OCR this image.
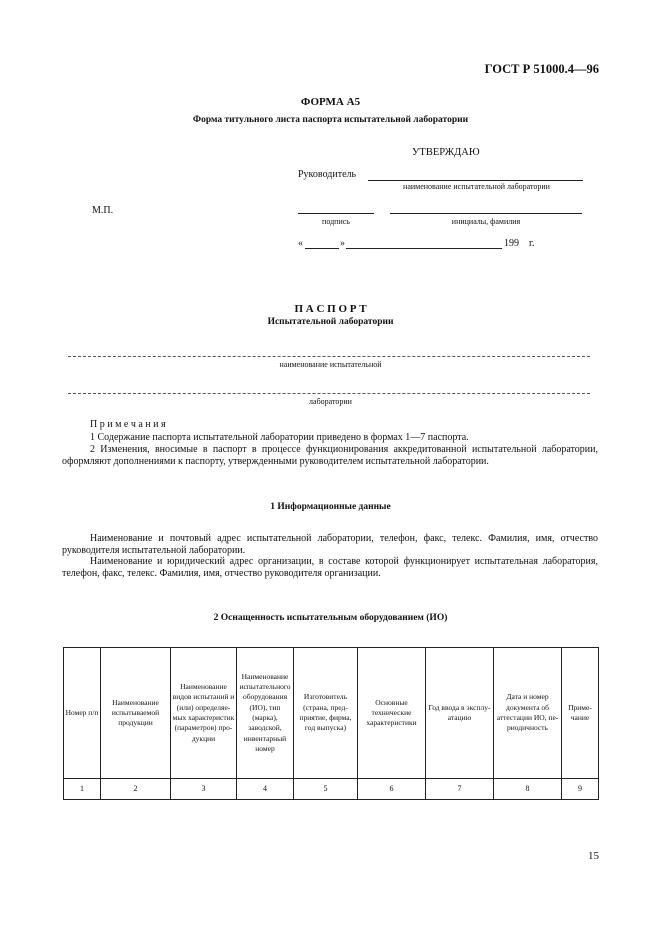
ГОСТ Р 51000.4—96
ФОРМА А5
Форма титульного листа паспорта испытательной лаборатории
УТВЕРЖДАЮ
Руководитель
наименование испытательной лаборатории
М.П.
подпись	инициалы, фамилия
«	»	199 г.
П А С П О Р Т
Испытательной лаборатории
наименование испытательной
лаборатории
П р и м е ч а н и я
1 Содержание паспорта испытательной лаборатории приведено в формах 1—7 паспорта.
2 Изменения, вносимые в паспорт в процессе функционирования аккредитованной испытательной лаборатории, оформляют дополнениями к паспорту, утвержденными руководителем испытательной лаборатории.
1 Информационные данные
Наименование и почтовый адрес испытательной лаборатории, телефон, факс, телекс. Фамилия, имя, отчество руководителя испытательной лаборатории.
Наименование и юридический адрес организации, в составе которой функционирует испытательная лаборатория, телефон, факс, телекс. Фамилия, имя, отчество руководителя организации.
2 Оснащенность испытательным оборудованием (ИО)
Номер п/п	Наименование испытываемой продукции	Наименование видов испытаний и (или) определяемых характеристик (параметров) продукции	Наименование испытательного оборудования (ИО), тип (марка), заводской, инвентарный номер	Изготовитель (страна, предприятие, фирма, год выпуска)	Основные технические характеристики	Год ввода в эксплуатацию	Дата и номер документа об аттестации ИО, периодичность	Примечание
1	2	3	4	5	6	7	8	9
15
